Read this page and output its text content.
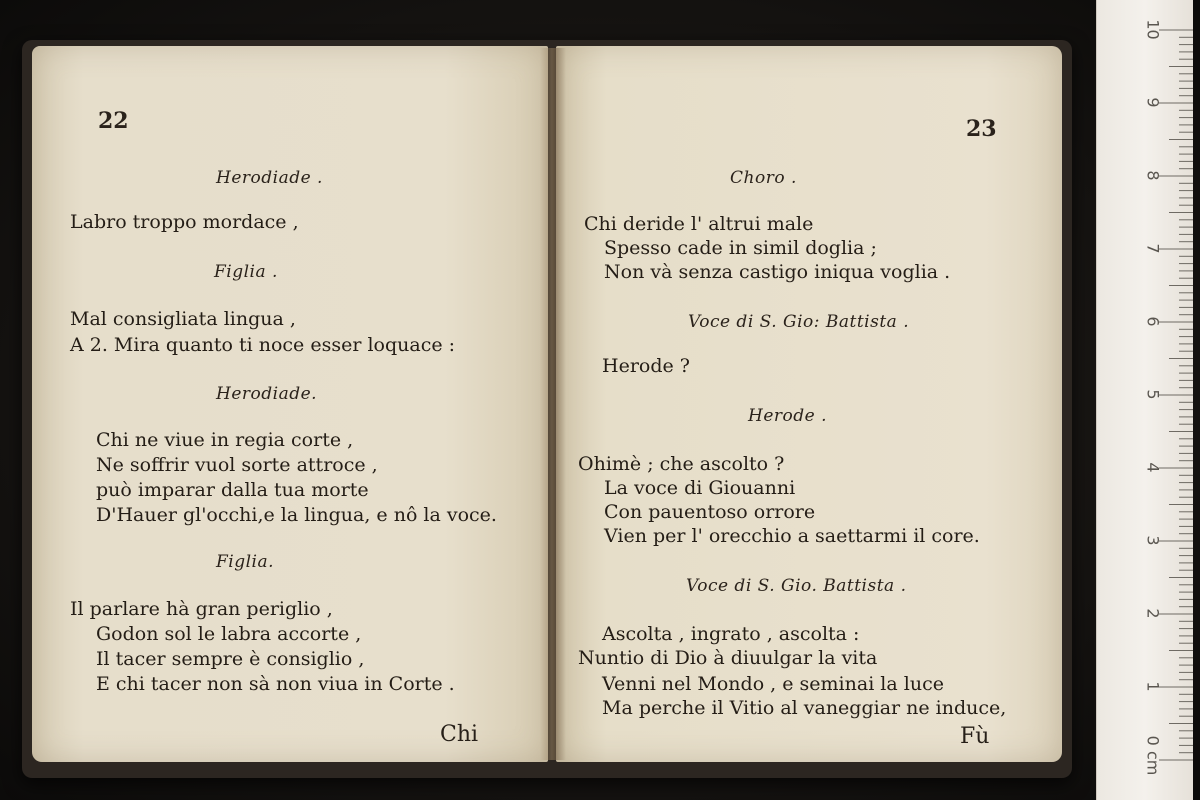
22
Herodiade .
Labro troppo mordace ,
Figlia .
Mal consigliata lingua ,
A 2. Mira quanto ti noce esser loquace :
Herodiade.
Chi ne viue in regia corte ,
Ne soffrir vuol sorte attroce ,
può imparar dalla tua morte
D'Hauer gl'occhi,e la lingua, e nô la voce.
Figlia.
Il parlare hà gran periglio ,
Godon sol le labra accorte ,
Il tacer sempre è consiglio ,
E chi tacer non sà non viua in Corte .
Chi
23
Choro .
Chi deride l' altrui male
Spesso cade in simil doglia ;
Non và senza castigo iniqua voglia .
Voce di S. Gio: Battista .
Herode ?
Herode .
Ohimè ; che ascolto ?
La voce di Giouanni
Con pauentoso orrore
Vien per l' orecchio a saettarmi il core.
Voce di S. Gio. Battista .
Ascolta , ingrato , ascolta :
Nuntio di Dio à diuulgar la vita
Venni nel Mondo , e seminai la luce
Ma perche il Vitio al vaneggiar ne induce,
Fù	0 cm
1
2
3
4
5
6
7
8
9
10
